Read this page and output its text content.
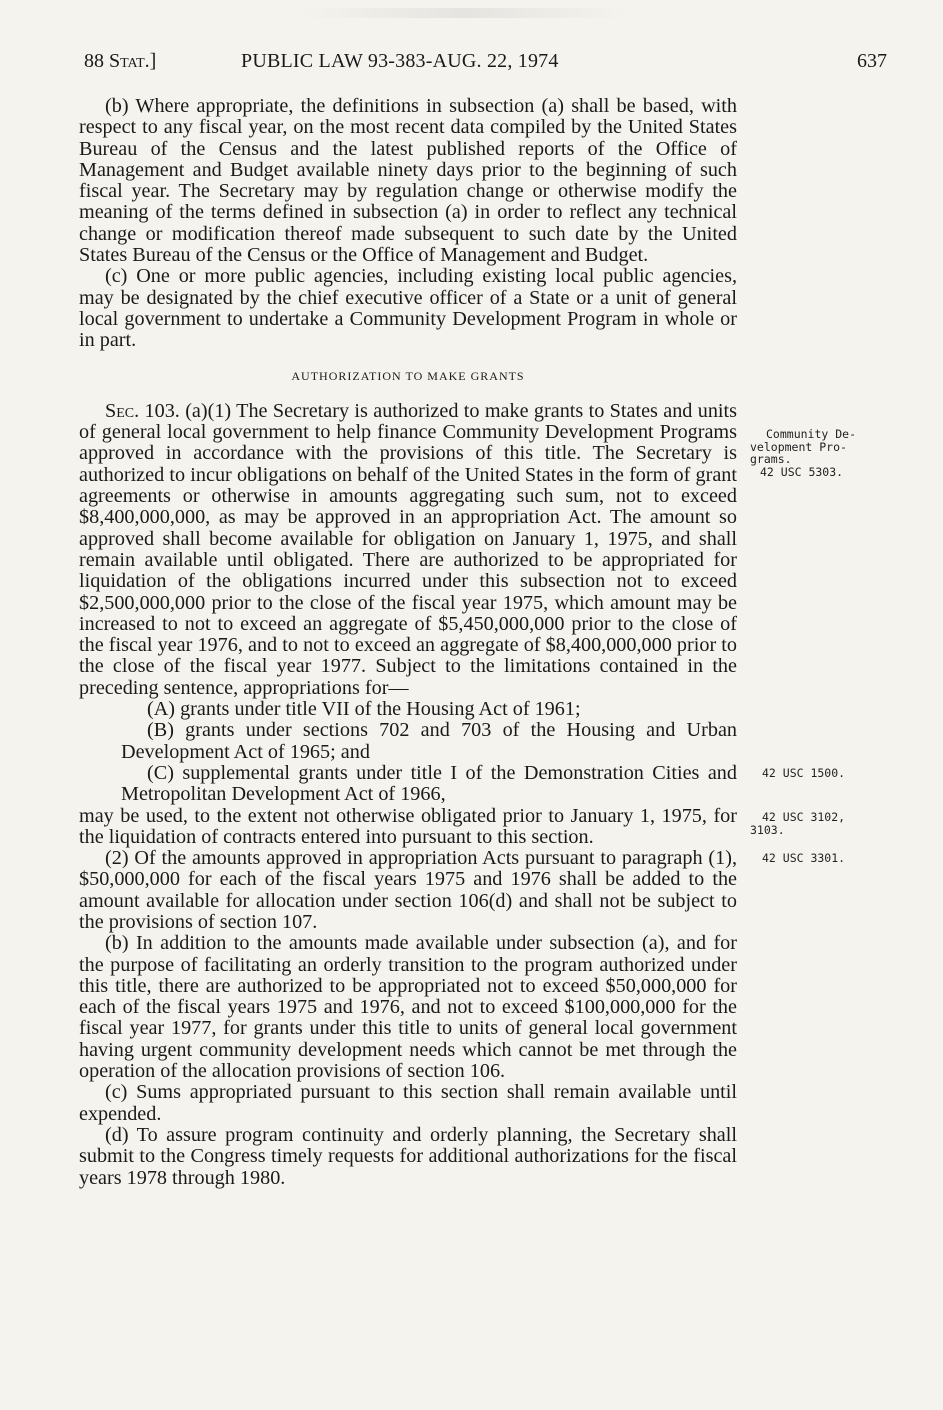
88 Stat.]	PUBLIC LAW 93-383-AUG. 22, 1974	637

(b) Where appropriate, the definitions in subsection (a) shall be based, with respect to any fiscal year, on the most recent data compiled by the United States Bureau of the Census and the latest published reports of the Office of Management and Budget available ninety days prior to the beginning of such fiscal year. The Secretary may by regulation change or otherwise modify the meaning of the terms defined in subsection (a) in order to reflect any technical change or modification thereof made subsequent to such date by the United States Bureau of the Census or the Office of Management and Budget.

(c) One or more public agencies, including existing local public agencies, may be designated by the chief executive officer of a State or a unit of general local government to undertake a Community Development Program in whole or in part.

AUTHORIZATION TO MAKE GRANTS

Sec. 103. (a)(1) The Secretary is authorized to make grants to States and units of general local government to help finance Community Development Programs approved in accordance with the provisions of this title. The Secretary is authorized to incur obligations on behalf of the United States in the form of grant agreements or otherwise in amounts aggregating such sum, not to exceed $8,400,000,000, as may be approved in an appropriation Act. The amount so approved shall become available for obligation on January 1, 1975, and shall remain available until obligated. There are authorized to be appropriated for liquidation of the obligations incurred under this subsection not to exceed $2,500,000,000 prior to the close of the fiscal year 1975, which amount may be increased to not to exceed an aggregate of $5,450,000,000 prior to the close of the fiscal year 1976, and to not to exceed an aggregate of $8,400,000,000 prior to the close of the fiscal year 1977. Subject to the limitations contained in the preceding sentence, appropriations for—

(A) grants under title VII of the Housing Act of 1961;

(B) grants under sections 702 and 703 of the Housing and Urban Development Act of 1965; and

(C) supplemental grants under title I of the Demonstration Cities and Metropolitan Development Act of 1966,

may be used, to the extent not otherwise obligated prior to January 1, 1975, for the liquidation of contracts entered into pursuant to this section.

(2) Of the amounts approved in appropriation Acts pursuant to paragraph (1), $50,000,000 for each of the fiscal years 1975 and 1976 shall be added to the amount available for allocation under section 106(d) and shall not be subject to the provisions of section 107.

(b) In addition to the amounts made available under subsection (a), and for the purpose of facilitating an orderly transition to the program authorized under this title, there are authorized to be appropriated not to exceed $50,000,000 for each of the fiscal years 1975 and 1976, and not to exceed $100,000,000 for the fiscal year 1977, for grants under this title to units of general local government having urgent community development needs which cannot be met through the operation of the allocation provisions of section 106.

(c) Sums appropriated pursuant to this section shall remain available until expended.

(d) To assure program continuity and orderly planning, the Secretary shall submit to the Congress timely requests for additional authorizations for the fiscal years 1978 through 1980.

Community De-
velopment Pro-
grams.
42 USC 5303.
42 USC 1500.
42 USC 3102,
3103.
42 USC 3301.
